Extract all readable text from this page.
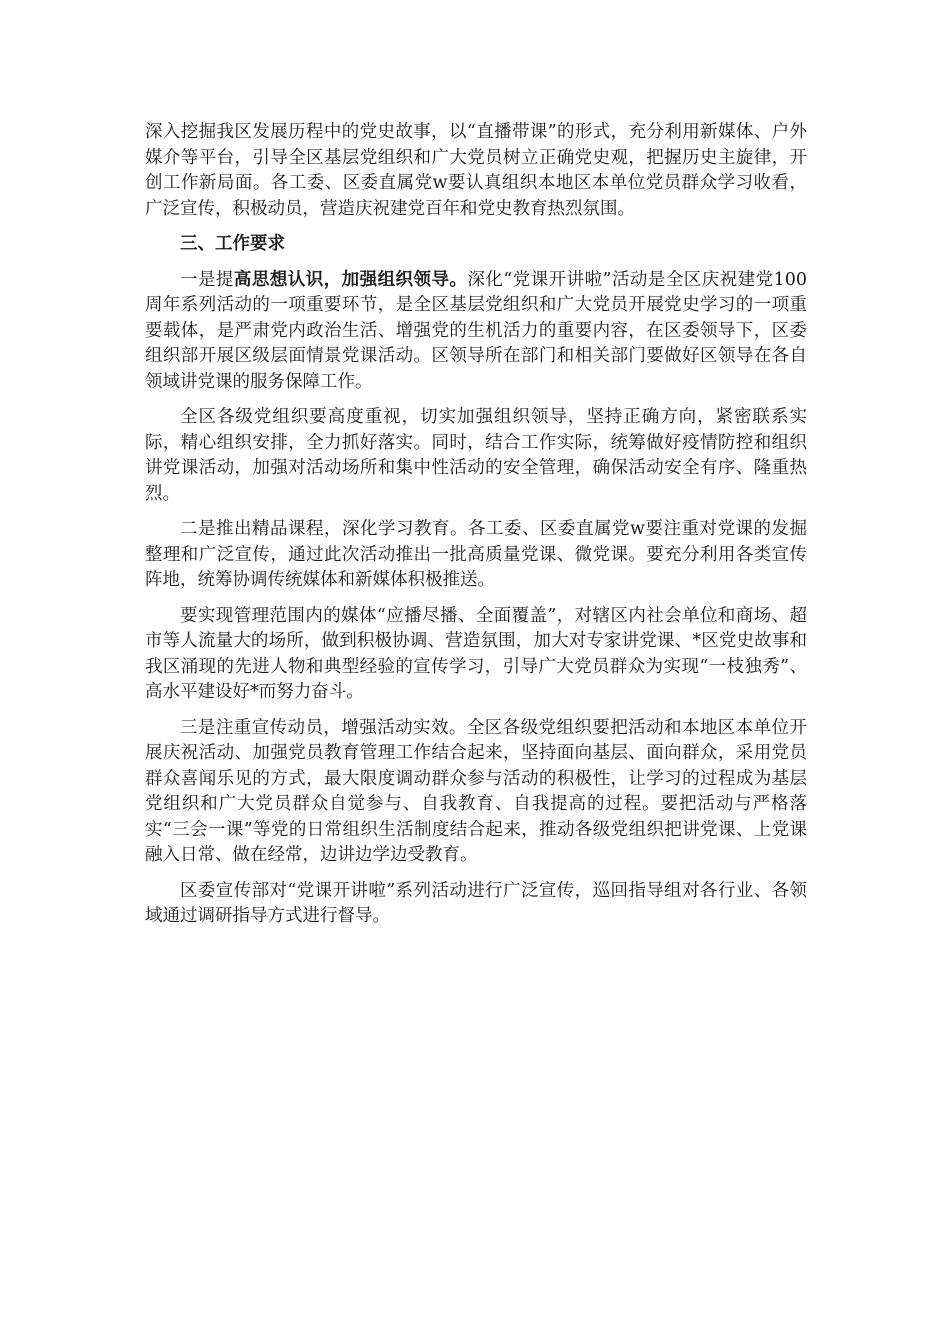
深入挖掘我区发展历程中的党史故事，以“直播带课”的形式，充分利用新媒体、户外媒介等平台，引导全区基层党组织和广大党员树立正确党史观，把握历史主旋律，开创工作新局面。各工委、区委直属党w要认真组织本地区本单位党员群众学习收看，广泛宣传，积极动员，营造庆祝建党百年和党史教育热烈氛围。

三、工作要求

一是提高思想认识，加强组织领导。深化“党课开讲啦”活动是全区庆祝建党100周年系列活动的一项重要环节，是全区基层党组织和广大党员开展党史学习的一项重要载体，是严肃党内政治生活、增强党的生机活力的重要内容，在区委领导下，区委组织部开展区级层面情景党课活动。区领导所在部门和相关部门要做好区领导在各自领域讲党课的服务保障工作。

全区各级党组织要高度重视，切实加强组织领导，坚持正确方向，紧密联系实际，精心组织安排，全力抓好落实。同时，结合工作实际，统筹做好疫情防控和组织讲党课活动，加强对活动场所和集中性活动的安全管理，确保活动安全有序、隆重热烈。

二是推出精品课程，深化学习教育。各工委、区委直属党w要注重对党课的发掘整理和广泛宣传，通过此次活动推出一批高质量党课、微党课。要充分利用各类宣传阵地，统筹协调传统媒体和新媒体积极推送。

要实现管理范围内的媒体“应播尽播、全面覆盖”，对辖区内社会单位和商场、超市等人流量大的场所，做到积极协调、营造氛围，加大对专家讲党课、*区党史故事和我区涌现的先进人物和典型经验的宣传学习，引导广大党员群众为实现“一枝独秀”、高水平建设好*而努力奋斗。

三是注重宣传动员，增强活动实效。全区各级党组织要把活动和本地区本单位开展庆祝活动、加强党员教育管理工作结合起来，坚持面向基层、面向群众，采用党员群众喜闻乐见的方式，最大限度调动群众参与活动的积极性，让学习的过程成为基层党组织和广大党员群众自觉参与、自我教育、自我提高的过程。要把活动与严格落实“三会一课”等党的日常组织生活制度结合起来，推动各级党组织把讲党课、上党课融入日常、做在经常，边讲边学边受教育。

区委宣传部对“党课开讲啦”系列活动进行广泛宣传，巡回指导组对各行业、各领域通过调研指导方式进行督导。
